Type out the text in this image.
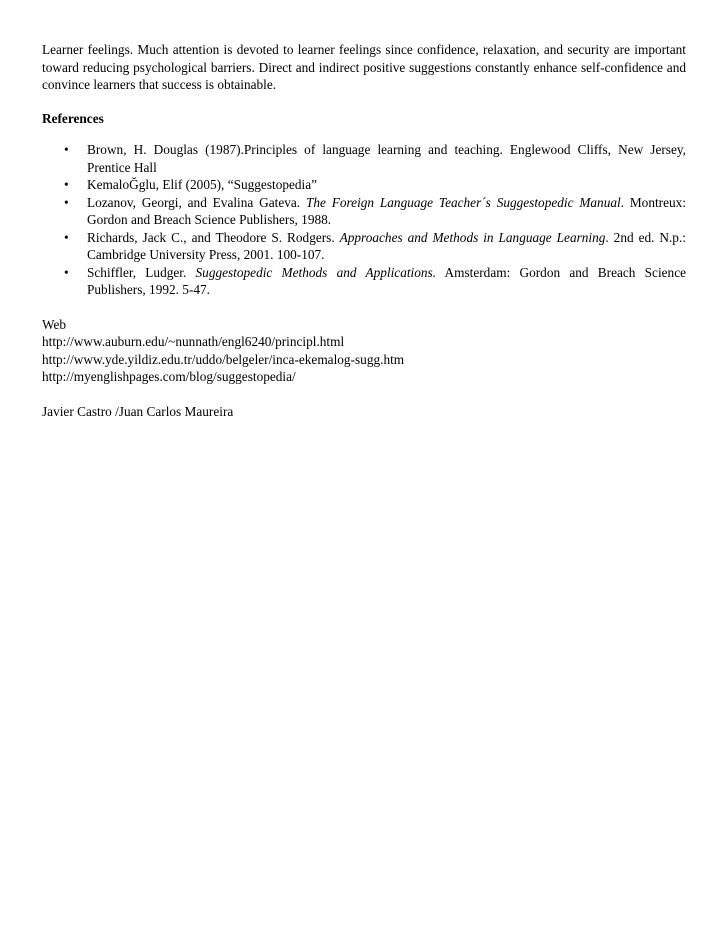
Learner feelings. Much attention is devoted to learner feelings since confidence, relaxation, and security are important toward reducing psychological barriers. Direct and indirect positive suggestions constantly enhance self-confidence and convince learners that success is obtainable.

References
• Brown, H. Douglas (1987).Principles of language learning and teaching. Englewood Cliffs, New Jersey, Prentice Hall
• KemaloĞglu, Elif (2005), “Suggestopedia”
• Lozanov, Georgi, and Evalina Gateva. The Foreign Language Teacher´s Suggestopedic Manual. Montreux: Gordon and Breach Science Publishers, 1988.
• Richards, Jack C., and Theodore S. Rodgers. Approaches and Methods in Language Learning. 2nd ed. N.p.: Cambridge University Press, 2001. 100-107.
• Schiffler, Ludger. Suggestopedic Methods and Applications. Amsterdam: Gordon and Breach Science Publishers, 1992. 5-47.
Web
http://www.auburn.edu/~nunnath/engl6240/principl.html
http://www.yde.yildiz.edu.tr/uddo/belgeler/inca-ekemalog-sugg.htm
http://myenglishpages.com/blog/suggestopedia/
Javier Castro /Juan Carlos Maureira
